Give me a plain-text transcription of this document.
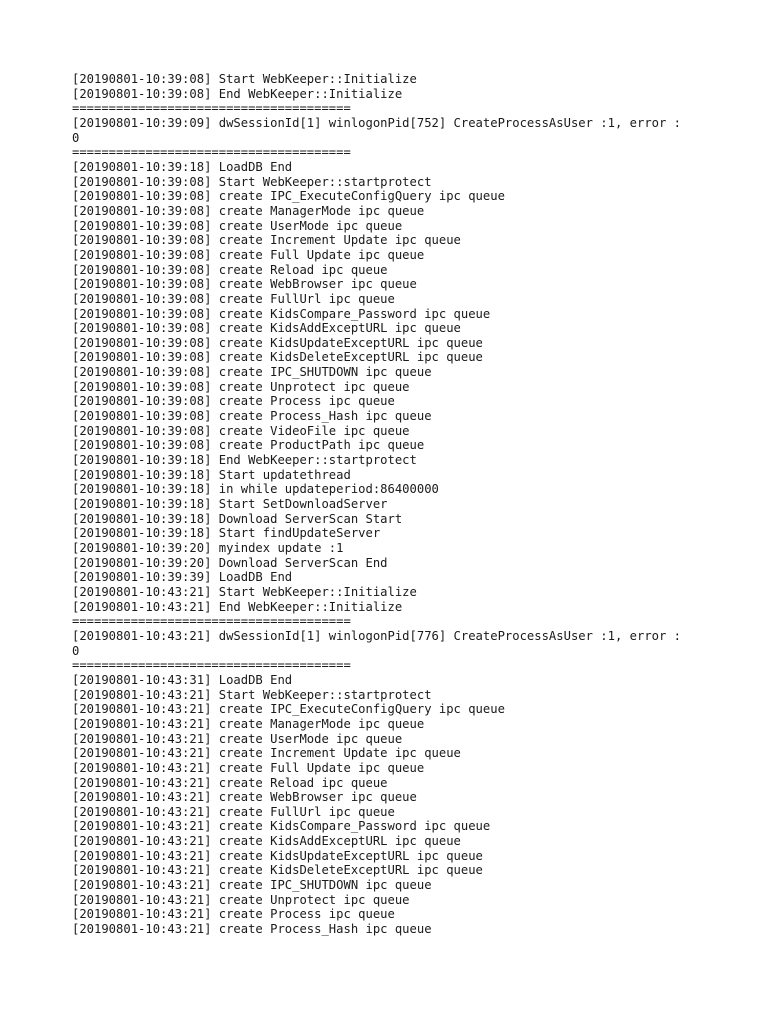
[20190801-10:39:08] Start WebKeeper::Initialize
[20190801-10:39:08] End WebKeeper::Initialize
======================================
[20190801-10:39:09] dwSessionId[1] winlogonPid[752] CreateProcessAsUser :1, error :
0
======================================
[20190801-10:39:18] LoadDB End
[20190801-10:39:08] Start WebKeeper::startprotect
[20190801-10:39:08] create IPC_ExecuteConfigQuery ipc queue
[20190801-10:39:08] create ManagerMode ipc queue
[20190801-10:39:08] create UserMode ipc queue
[20190801-10:39:08] create Increment Update ipc queue
[20190801-10:39:08] create Full Update ipc queue
[20190801-10:39:08] create Reload ipc queue
[20190801-10:39:08] create WebBrowser ipc queue
[20190801-10:39:08] create FullUrl ipc queue
[20190801-10:39:08] create KidsCompare_Password ipc queue
[20190801-10:39:08] create KidsAddExceptURL ipc queue
[20190801-10:39:08] create KidsUpdateExceptURL ipc queue
[20190801-10:39:08] create KidsDeleteExceptURL ipc queue
[20190801-10:39:08] create IPC_SHUTDOWN ipc queue
[20190801-10:39:08] create Unprotect ipc queue
[20190801-10:39:08] create Process ipc queue
[20190801-10:39:08] create Process_Hash ipc queue
[20190801-10:39:08] create VideoFile ipc queue
[20190801-10:39:08] create ProductPath ipc queue
[20190801-10:39:18] End WebKeeper::startprotect
[20190801-10:39:18] Start updatethread
[20190801-10:39:18] in while updateperiod:86400000
[20190801-10:39:18] Start SetDownloadServer
[20190801-10:39:18] Download ServerScan Start
[20190801-10:39:18] Start findUpdateServer
[20190801-10:39:20] myindex update :1
[20190801-10:39:20] Download ServerScan End
[20190801-10:39:39] LoadDB End
[20190801-10:43:21] Start WebKeeper::Initialize
[20190801-10:43:21] End WebKeeper::Initialize
======================================
[20190801-10:43:21] dwSessionId[1] winlogonPid[776] CreateProcessAsUser :1, error :
0
======================================
[20190801-10:43:31] LoadDB End
[20190801-10:43:21] Start WebKeeper::startprotect
[20190801-10:43:21] create IPC_ExecuteConfigQuery ipc queue
[20190801-10:43:21] create ManagerMode ipc queue
[20190801-10:43:21] create UserMode ipc queue
[20190801-10:43:21] create Increment Update ipc queue
[20190801-10:43:21] create Full Update ipc queue
[20190801-10:43:21] create Reload ipc queue
[20190801-10:43:21] create WebBrowser ipc queue
[20190801-10:43:21] create FullUrl ipc queue
[20190801-10:43:21] create KidsCompare_Password ipc queue
[20190801-10:43:21] create KidsAddExceptURL ipc queue
[20190801-10:43:21] create KidsUpdateExceptURL ipc queue
[20190801-10:43:21] create KidsDeleteExceptURL ipc queue
[20190801-10:43:21] create IPC_SHUTDOWN ipc queue
[20190801-10:43:21] create Unprotect ipc queue
[20190801-10:43:21] create Process ipc queue
[20190801-10:43:21] create Process_Hash ipc queue
